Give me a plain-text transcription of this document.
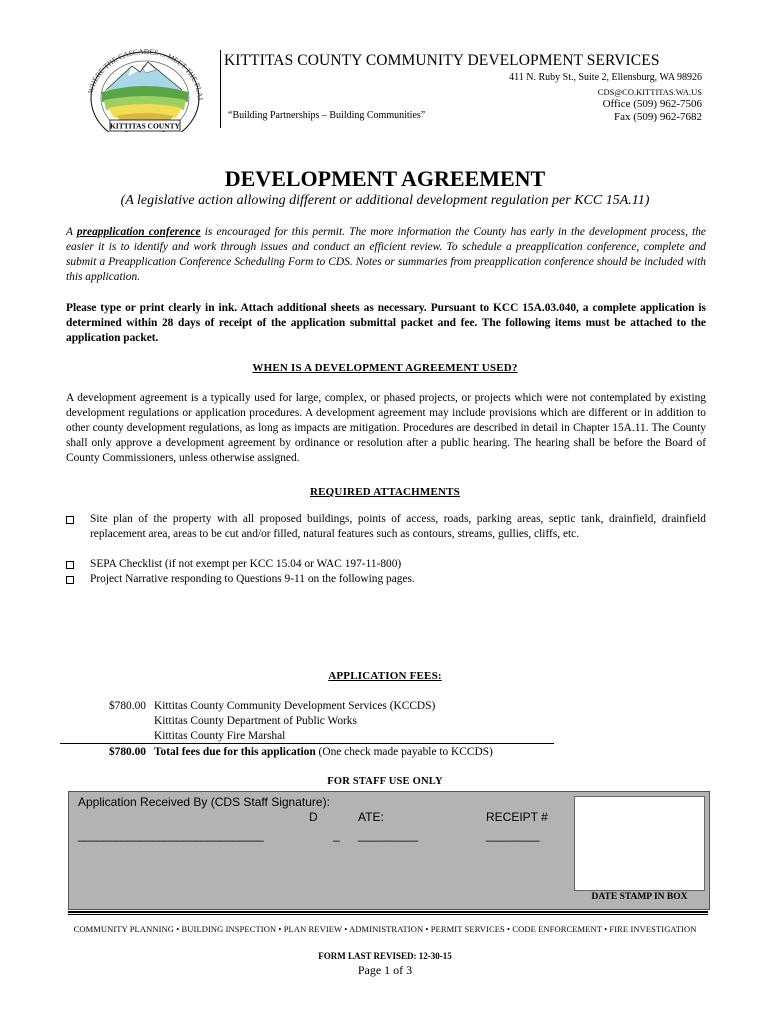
WHERE THE CASCADES ... MEET THE PLAI
KITTITAS COUNTY
KITTITAS COUNTY COMMUNITY DEVELOPMENT SERVICES
411 N. Ruby St., Suite 2, Ellensburg, WA 98926
CDS@CO.KITTITAS.WA.US
Office (509) 962-7506
Fax (509) 962-7682
“Building Partnerships – Building Communities”
DEVELOPMENT AGREEMENT
(A legislative action allowing different or additional development regulation per KCC 15A.11)
A preapplication conference is encouraged for this permit. The more information the County has early in the development process, the easier it is to identify and work through issues and conduct an efficient review. To schedule a preapplication conference, complete and submit a Preapplication Conference Scheduling Form to CDS. Notes or summaries from preapplication conference should be included with this application.
Please type or print clearly in ink. Attach additional sheets as necessary. Pursuant to KCC 15A.03.040, a complete application is determined within 28 days of receipt of the application submittal packet and fee. The following items must be attached to the application packet.
WHEN IS A DEVELOPMENT AGREEMENT USED?
A development agreement is a typically used for large, complex, or phased projects, or projects which were not contemplated by existing development regulations or application procedures. A development agreement may include provisions which are different or in addition to other county development regulations, as long as impacts are mitigation. Procedures are described in detail in Chapter 15A.11. The County shall only approve a development agreement by ordinance or resolution after a public hearing. The hearing shall be before the Board of County Commissioners, unless otherwise assigned.
REQUIRED ATTACHMENTS
Site plan of the property with all proposed buildings, points of access, roads, parking areas, septic tank, drainfield, drainfield replacement area, areas to be cut and/or filled, natural features such as contours, streams, gullies, cliffs, etc.
SEPA Checklist (if not exempt per KCC 15.04 or WAC 197-11-800)
Project Narrative responding to Questions 9-11 on the following pages.
APPLICATION FEES:
$780.00 Kittitas County Community Development Services (KCCDS)
Kittitas County Department of Public Works
Kittitas County Fire Marshal
$780.00 Total fees due for this application (One check made payable to KCCDS)
FOR STAFF USE ONLY
Application Received By (CDS Staff Signature):
D	ATE:	RECEIPT #
______________________________	_ _________	________
DATE STAMP IN BOX
COMMUNITY PLANNING • BUILDING INSPECTION • PLAN REVIEW • ADMINISTRATION • PERMIT SERVICES • CODE ENFORCEMENT • FIRE INVESTIGATION
FORM LAST REVISED: 12-30-15
Page 1 of 3
